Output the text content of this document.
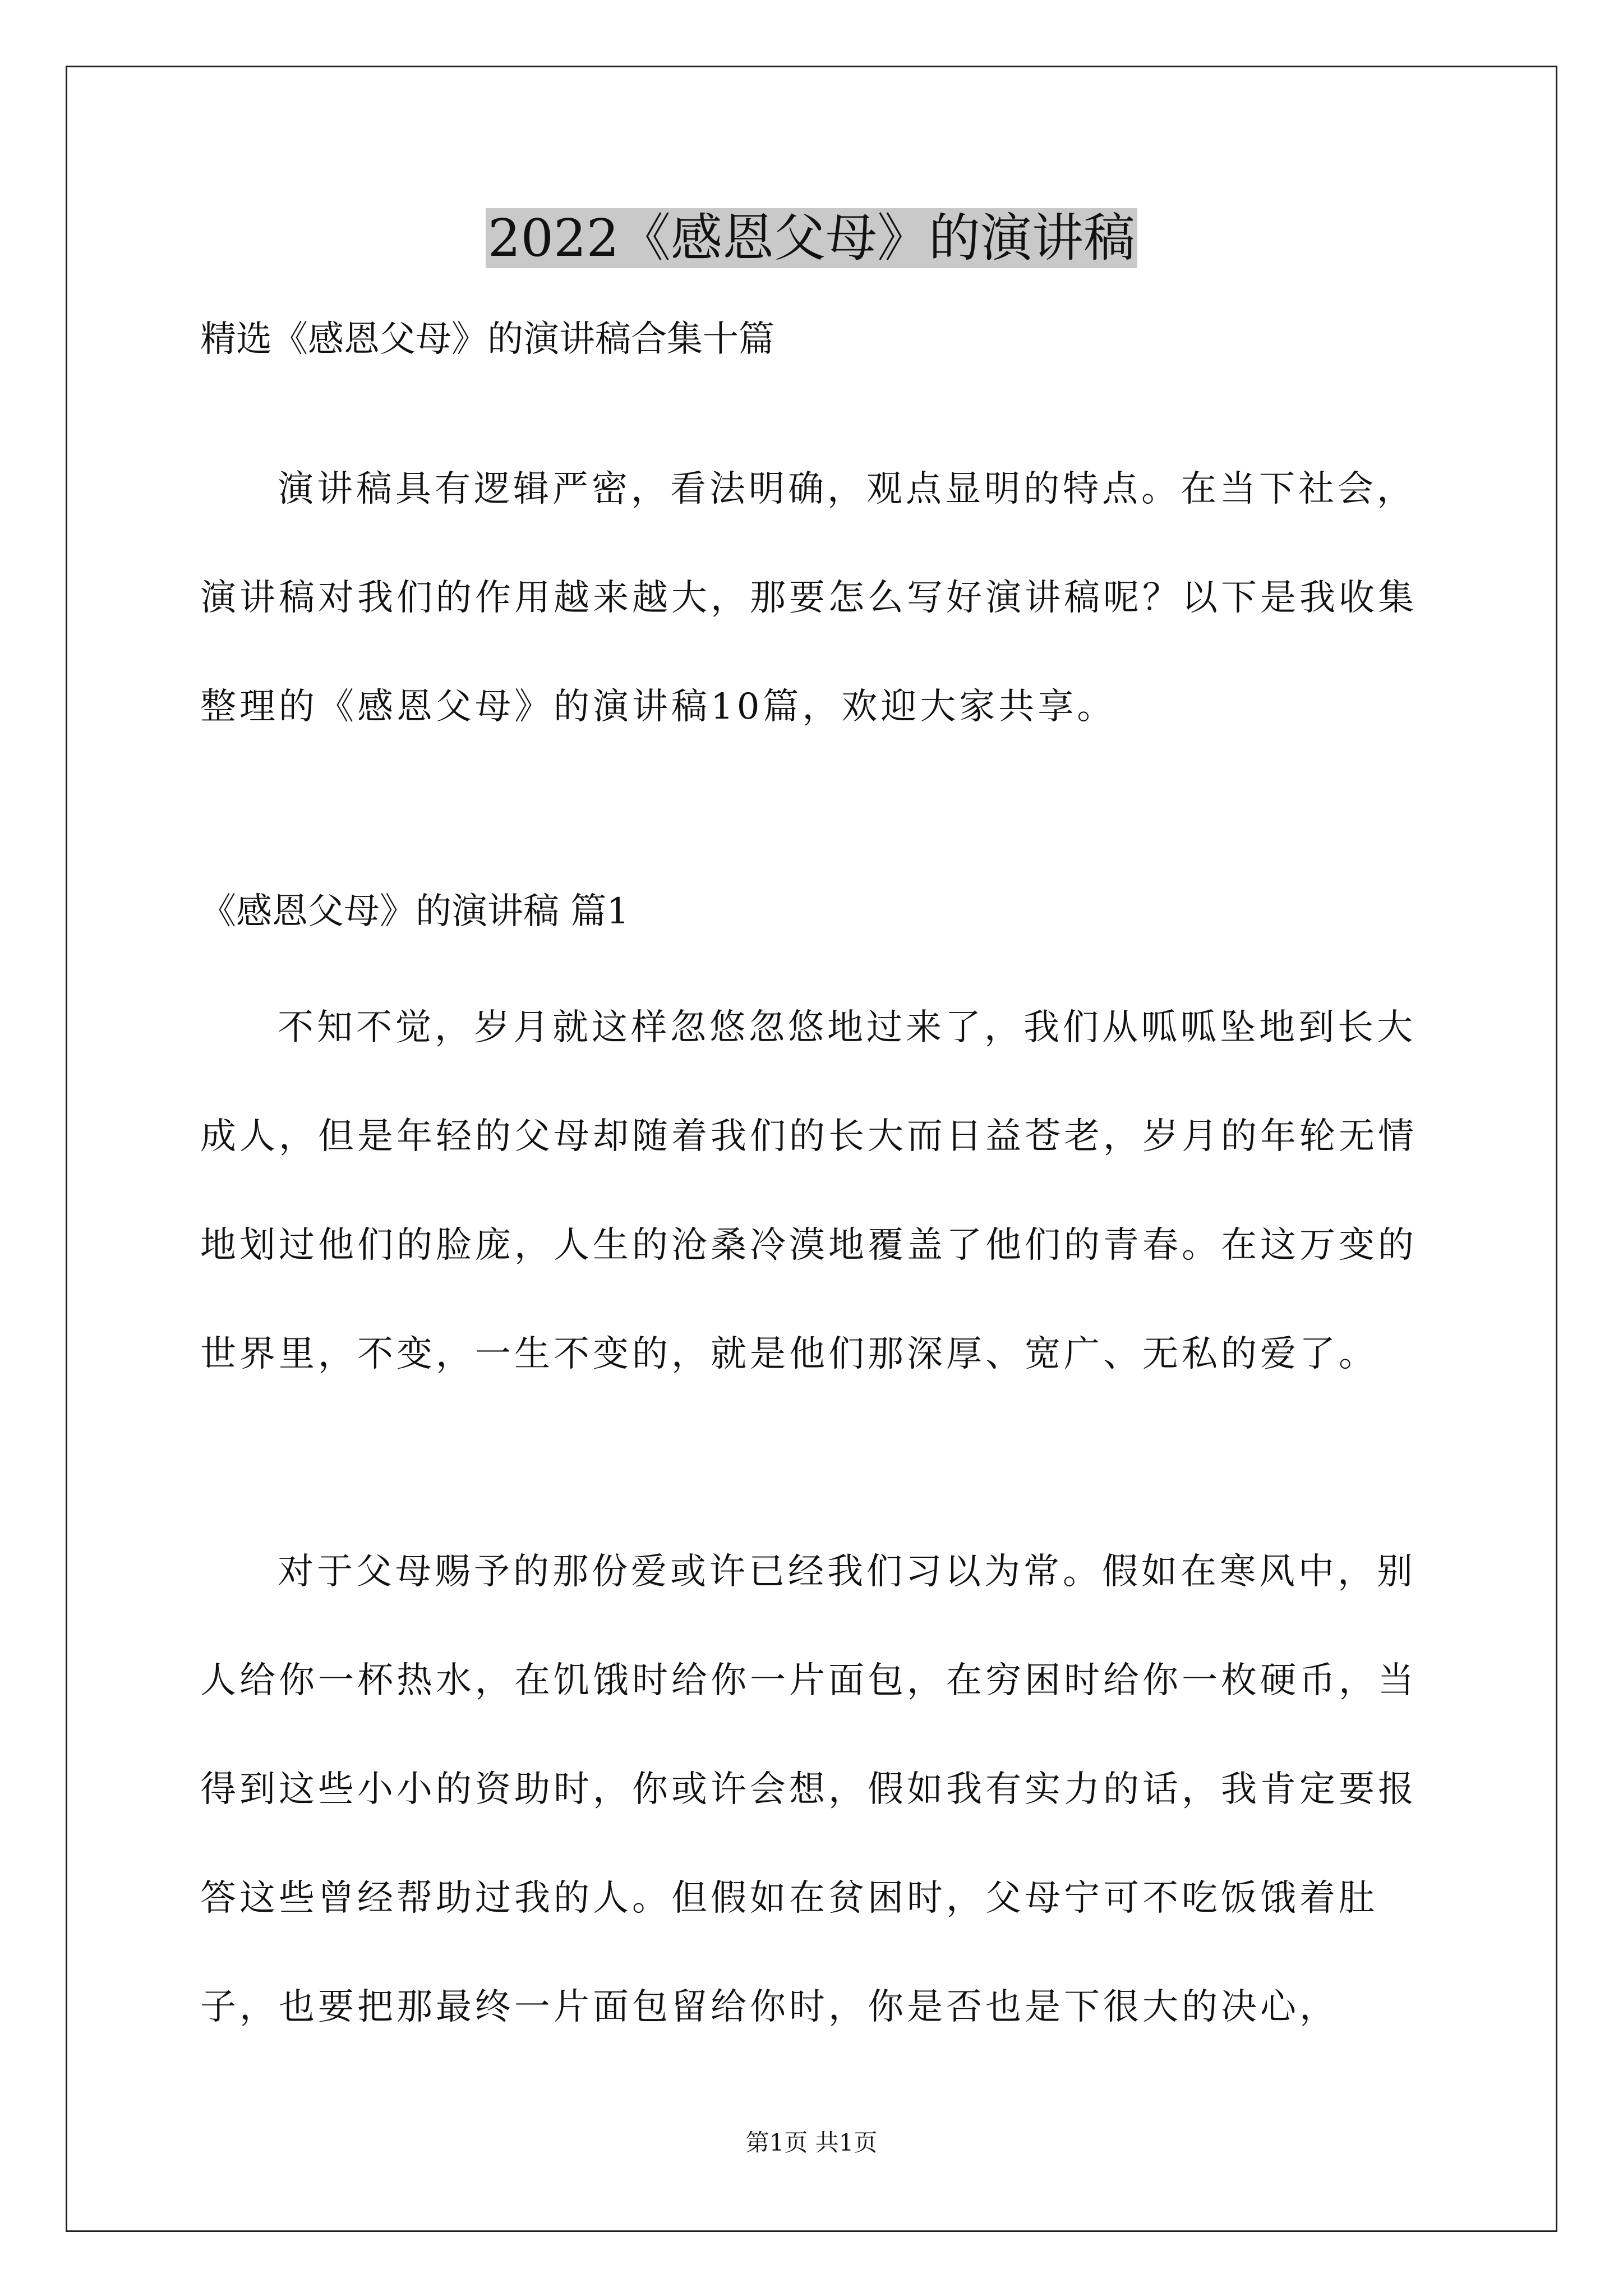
2022《感恩父母》的演讲稿

精选《感恩父母》的演讲稿合集十篇

演讲稿具有逻辑严密，看法明确，观点显明的特点。在当下社会，演讲稿对我们的作用越来越大，那要怎么写好演讲稿呢？以下是我收集整理的《感恩父母》的演讲稿10篇，欢迎大家共享。

《感恩父母》的演讲稿 篇1

不知不觉，岁月就这样忽悠忽悠地过来了，我们从呱呱坠地到长大成人，但是年轻的父母却随着我们的长大而日益苍老，岁月的年轮无情地划过他们的脸庞，人生的沧桑冷漠地覆盖了他们的青春。在这万变的世界里，不变，一生不变的，就是他们那深厚、宽广、无私的爱了。

对于父母赐予的那份爱或许已经我们习以为常。假如在寒风中，别人给你一杯热水，在饥饿时给你一片面包，在穷困时给你一枚硬币，当得到这些小小的资助时，你或许会想，假如我有实力的话，我肯定要报答这些曾经帮助过我的人。但假如在贫困时，父母宁可不吃饭饿着肚子，也要把那最终一片面包留给你时，你是否也是下很大的决心，

第1页 共1页
